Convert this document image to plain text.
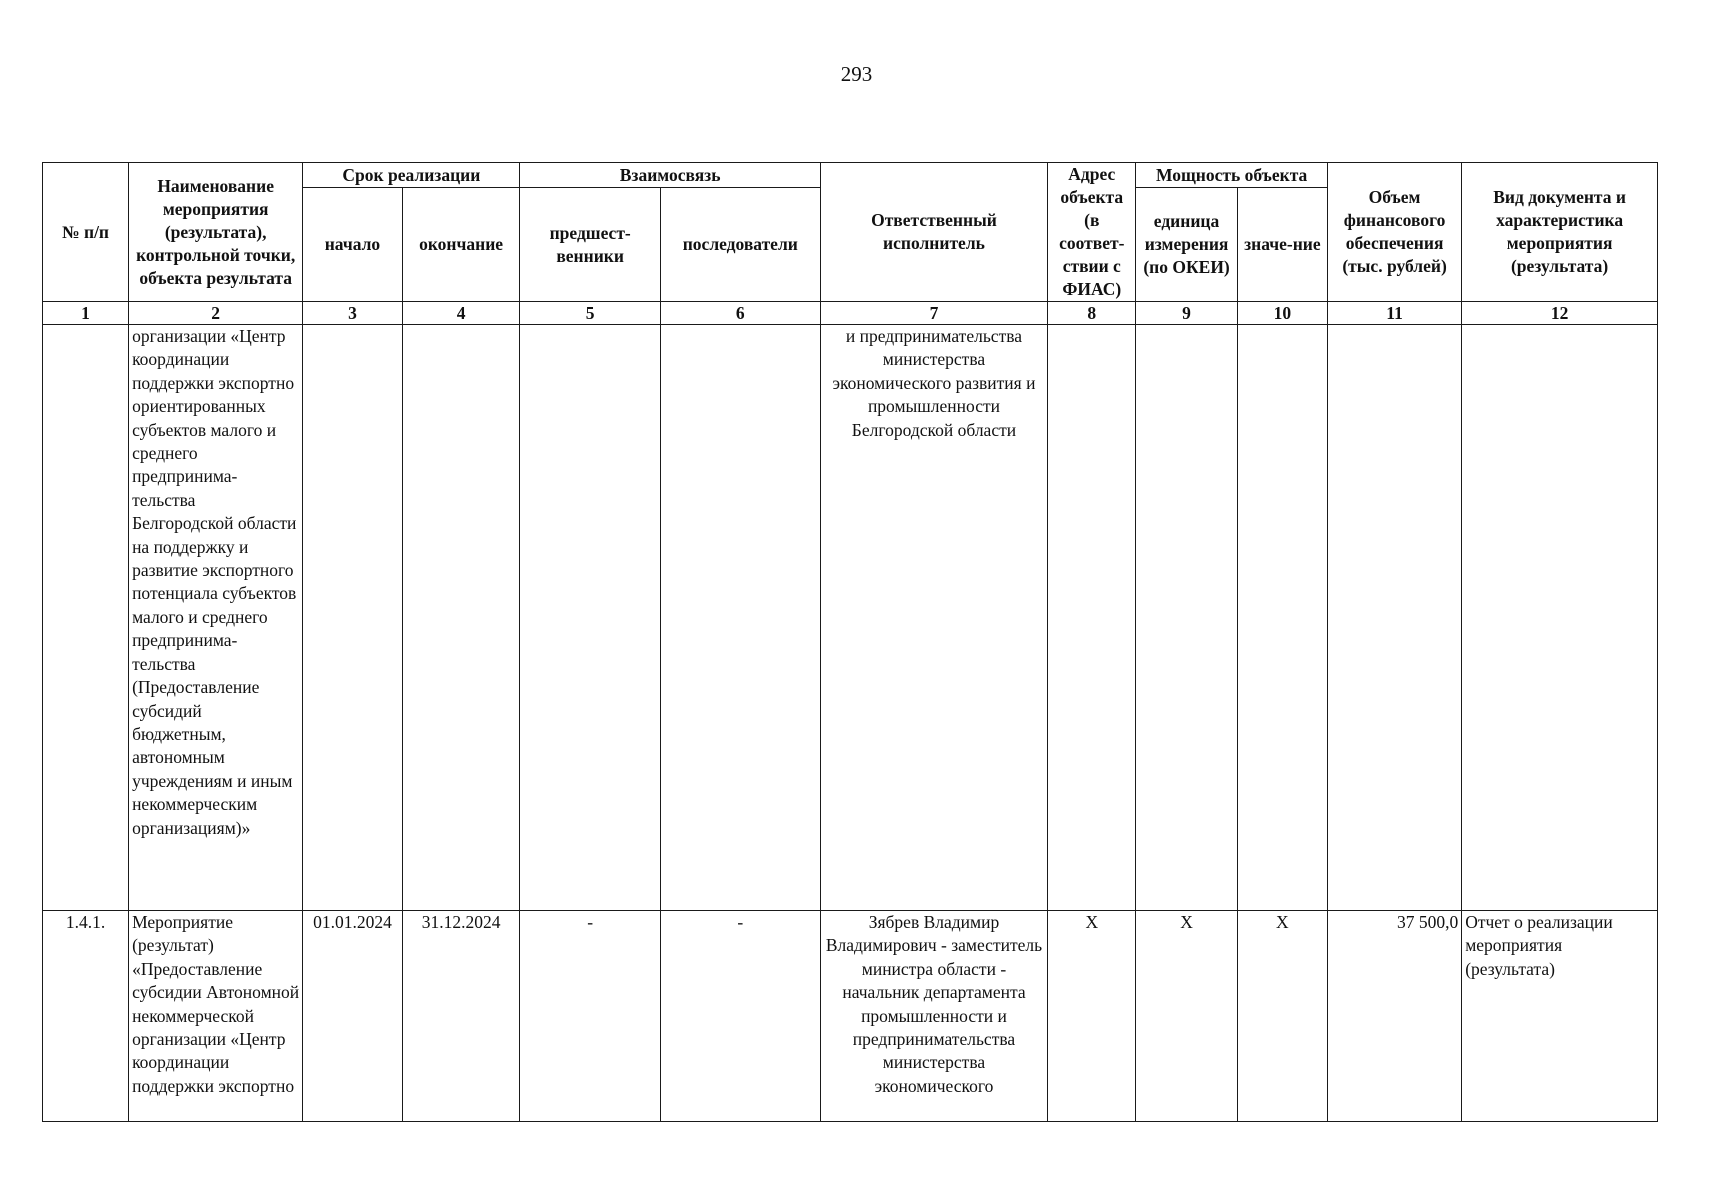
293
№ п/п	Наименование мероприятия (результата), контрольной точки, объекта результата	Срок реализации		Взаимосвязь		Ответственный исполнитель	Адрес объекта (в соответ-ствии с ФИАС)	Мощность объекта		Объем финансового обеспечения (тыс. рублей)	Вид документа и характеристика мероприятия (результата)
		начало	окончание	предшест-венники	последователи			единица измерения (по ОКЕИ)	значе-ние		
1	2	3	4	5	6	7	8	9	10	11	12
	организации «Центр координации поддержки экспортно ориентированных субъектов малого и среднего предпринима-тельства Белгородской области на поддержку и развитие экспортного потенциала субъектов малого и среднего предпринима-тельства (Предоставление субсидий бюджетным, автономным учреждениям и иным некоммерческим организациям)»					и предпринимательства министерства экономического развития и промышленности Белгородской области					
1.4.1.	Мероприятие (результат) «Предоставление субсидии Автономной некоммерческой организации «Центр координации поддержки экспортно	01.01.2024	31.12.2024	-	-	Зябрев Владимир Владимирович - заместитель министра области - начальник департамента промышленности и предпринимательства министерства экономического	X	X	X	37 500,0	Отчет о реализации мероприятия (результата)
